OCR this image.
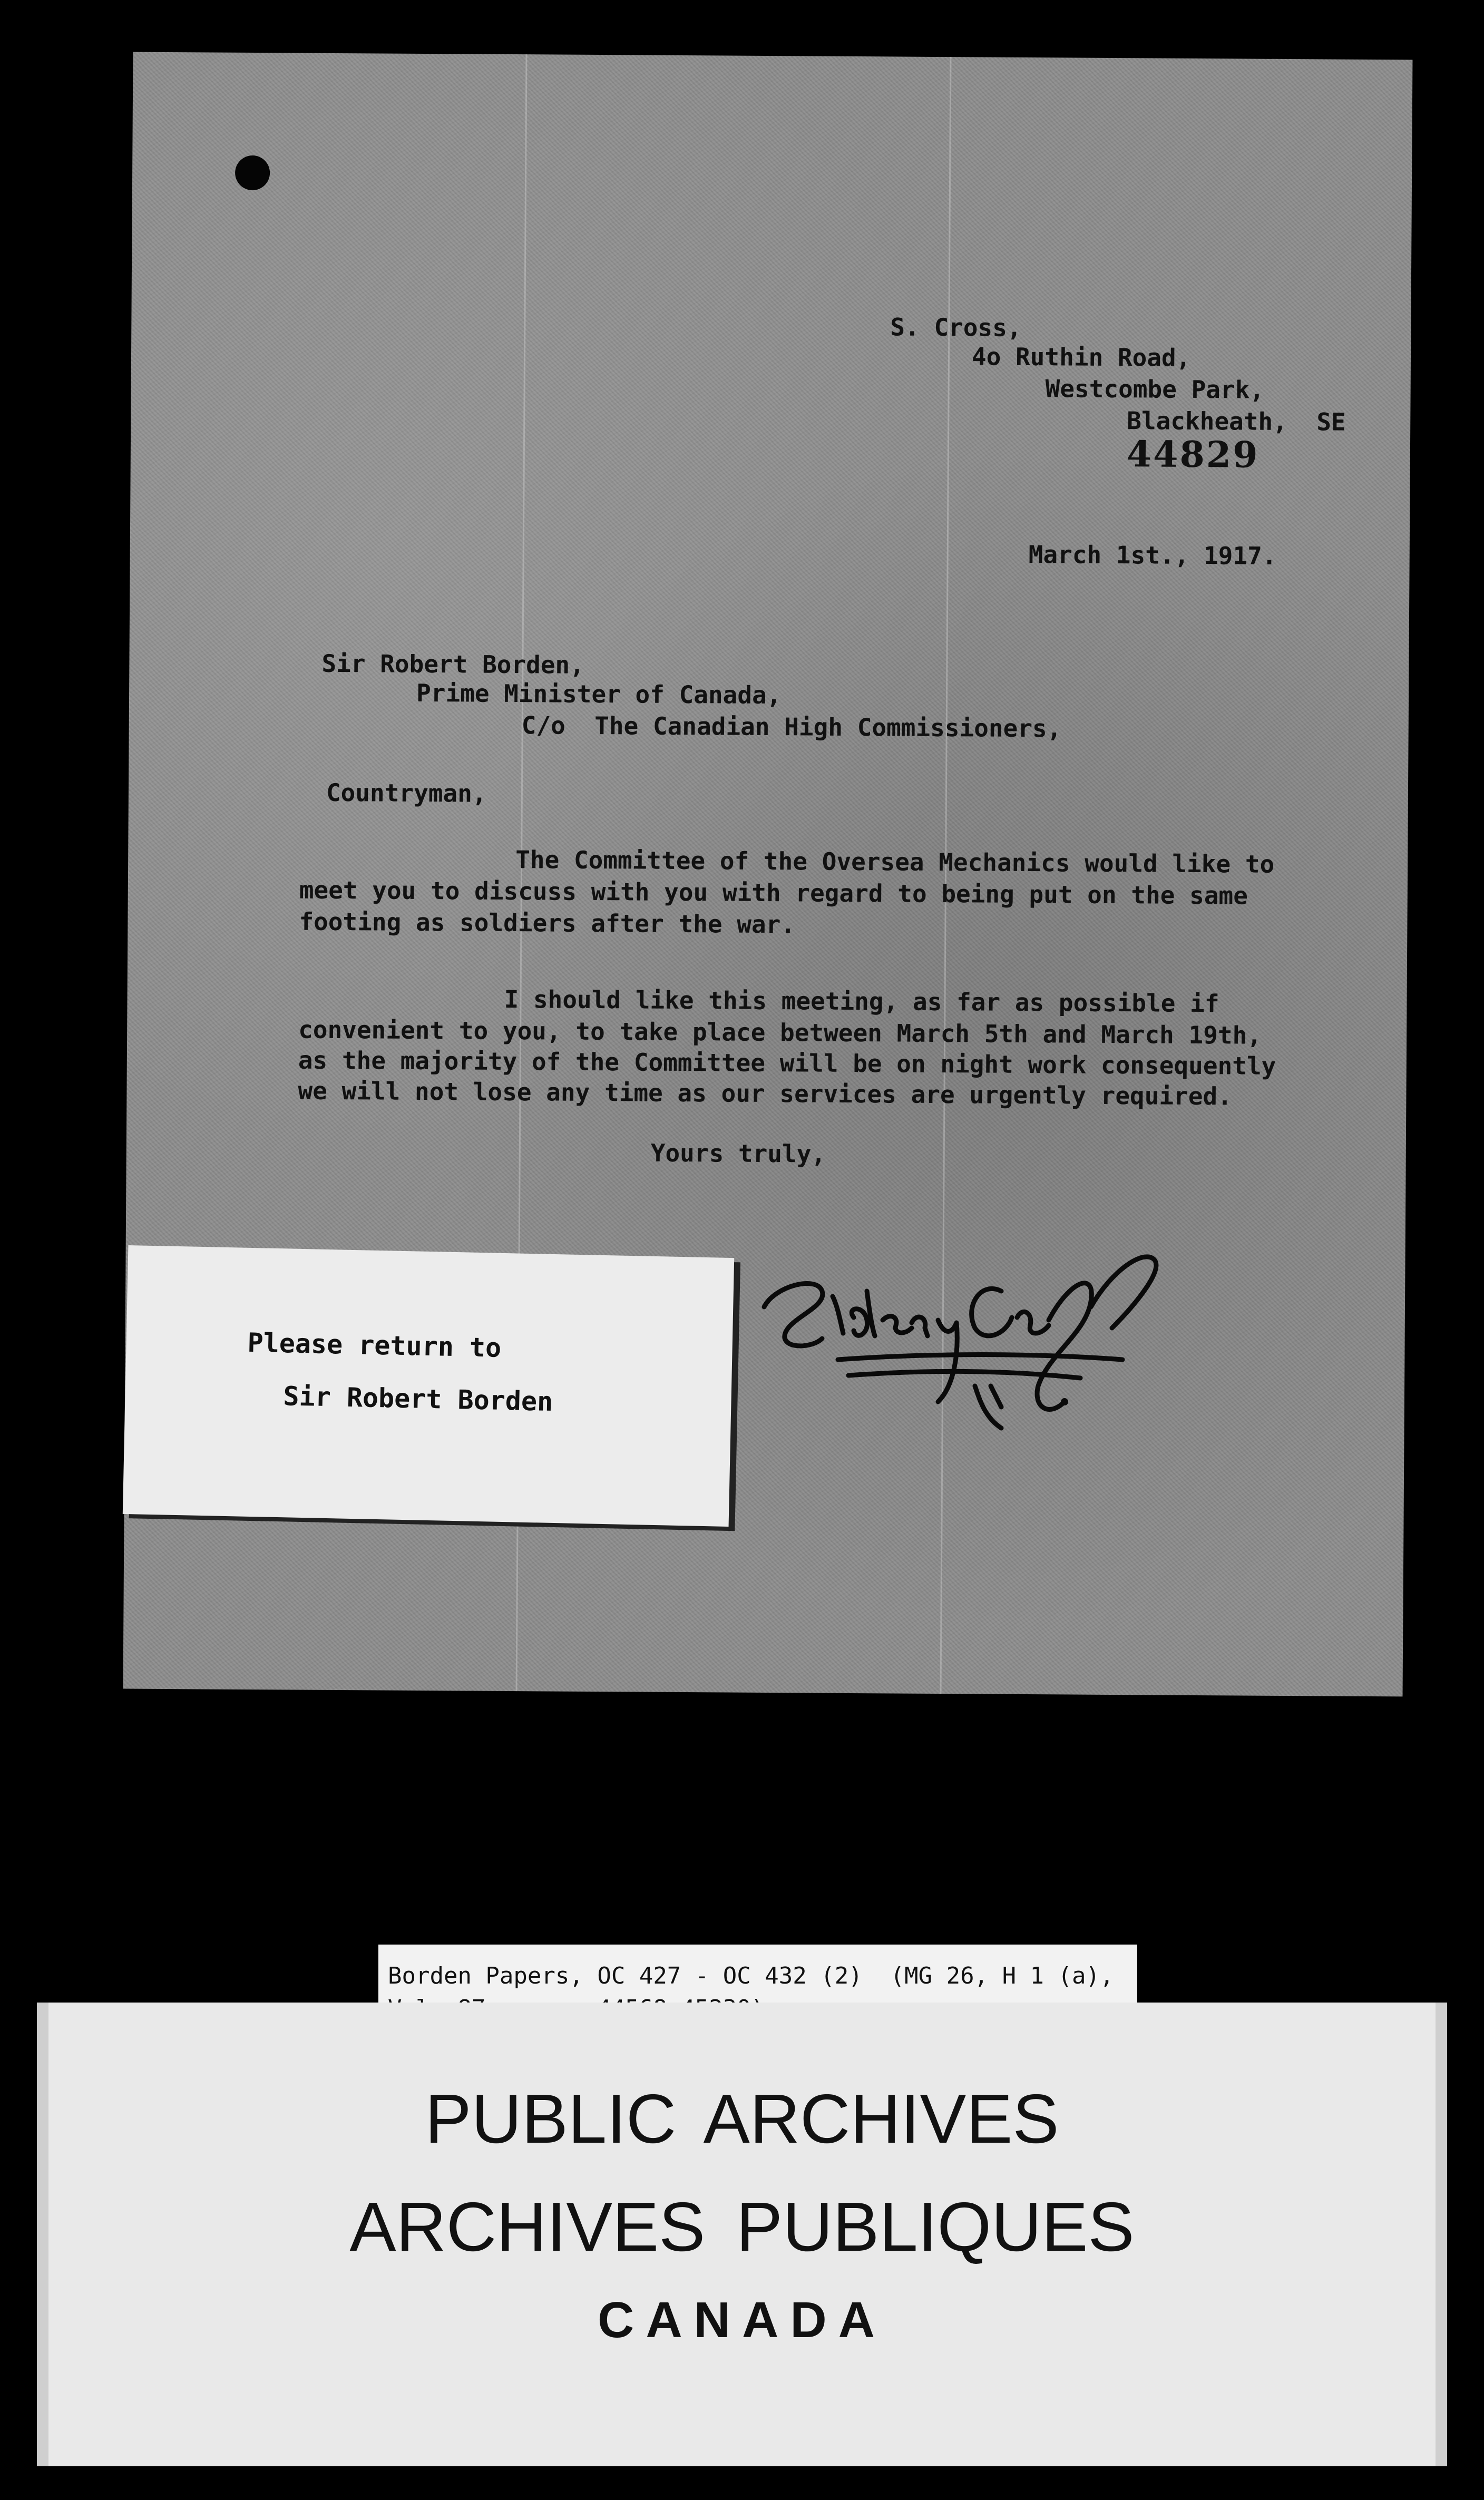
S. Cross,
4o Ruthin Road,
Westcombe Park,
Blackheath,  SE
44829
March 1st., 1917.
Sir Robert Borden,
Prime Minister of Canada,
C/o  The Canadian High Commissioners,
Countryman,
The Committee of the Oversea Mechanics would like to
meet you to discuss with you with regard to being put on the same
footing as soldiers after the war.
I should like this meeting, as far as possible if
convenient to you, to take place between March 5th and March 19th,
as the majority of the Committee will be on night work consequently
we will not lose any time as our services are urgently required.
Yours truly,
Please return to
Sir Robert Borden
Borden Papers, OC 427 - OC 432 (2)  (MG 26, H 1 (a),
PUBLIC ARCHIVES
ARCHIVES PUBLIQUES
CANADA
